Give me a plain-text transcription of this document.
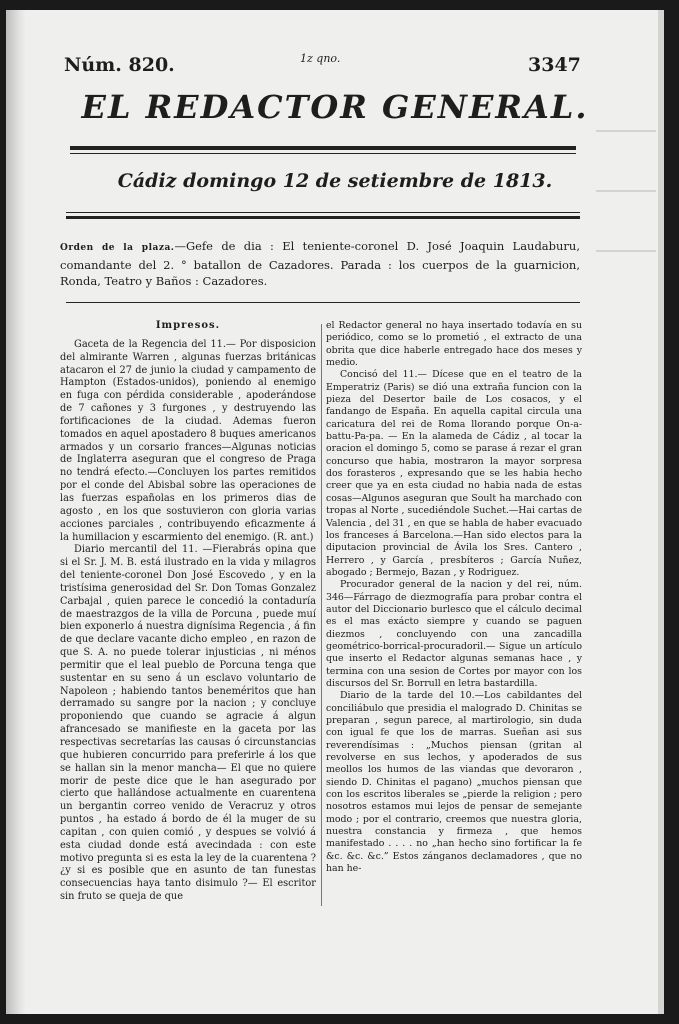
Núm. 820.	1z qno.	3347
EL REDACTOR GENERAL.
Cádiz domingo 12 de setiembre de 1813.
Orden de la plaza.—Gefe de dia : El teniente-coronel D. José Joaquin Laudaburu, comandante del 2. ° batallon de Cazadores. Parada : los cuerpos de la guarnicion, Ronda, Teatro y Baños : Cazadores.
Impresos.

Gaceta de la Regencia del 11.— Por disposicion del almirante Warren , algunas fuerzas británicas atacaron el 27 de junio la ciudad y campamento de Hampton (Estados-unidos), poniendo al enemigo en fuga con pérdida considerable , apoderándose de 7 cañones y 3 furgones , y destruyendo las fortificaciones de la ciudad. Ademas fueron tomados en aquel apostadero 8 buques americanos armados y un corsario frances—Algunas noticias de Inglaterra aseguran que el congreso de Praga no tendrá efecto.—Concluyen los partes remitidos por el conde del Abisbal sobre las operaciones de las fuerzas españolas en los primeros dias de agosto , en los que sostuvieron con gloria varias acciones parciales , contribuyendo eficazmente á la humillacion y escarmiento del enemigo. (R. ant.)

Diario mercantil del 11. —Fierabrás opina que si el Sr. J. M. B. está ilustrado en la vida y milagros del teniente-coronel Don José Escovedo , y en la tristísima generosidad del Sr. Don Tomas Gonzalez Carbajal , quien parece le concedió la contaduría de maestrazgos de la villa de Porcuna , puede muí bien exponerlo á nuestra dignísima Regencia , á fin de que declare vacante dicho empleo , en razon de que S. A. no puede tolerar injusticias , ni ménos permitir que el leal pueblo de Porcuna tenga que sustentar en su seno á un esclavo voluntario de Napoleon ; habiendo tantos beneméritos que han derramado su sangre por la nacion ; y concluye proponiendo que cuando se agracie á algun afrancesado se manifieste en la gaceta por las respectivas secretarías las causas ó circunstancias que hubieren concurrido para preferirle á los que se hallan sin la menor mancha— El que no quiere morir de peste dice que le han asegurado por cierto que hallándose actualmente en cuarentena un bergantin correo venido de Veracruz y otros puntos , ha estado á bordo de él la muger de su capitan , con quien comió , y despues se volvió á esta ciudad donde está avecindada : con este motivo pregunta si es esta la ley de la cuarentena ? ¿y si es posible que en asunto de tan funestas consecuencias haya tanto disimulo ?— El escritor sin fruto se queja de que

el Redactor general no haya insertado todavía en su periódico, como se lo prometió , el extracto de una obrita que dice haberle entregado hace dos meses y medio.

Concisó del 11.— Dícese que en el teatro de la Emperatriz (Paris) se dió una extraña funcion con la pieza del Desertor baile de Los cosacos, y el fandango de España. En aquella capital circula una caricatura del rei de Roma llorando porque On-a-battu-Pa-pa. — En la alameda de Cádiz , al tocar la oracion el domingo 5, como se parase á rezar el gran concurso que habia, mostraron la mayor sorpresa dos forasteros , expresando que se les habia hecho creer que ya en esta ciudad no habia nada de estas cosas—Algunos aseguran que Soult ha marchado con tropas al Norte , sucediéndole Suchet.—Hai cartas de Valencia , del 31 , en que se habla de haber evacuado los franceses á Barcelona.—Han sido electos para la diputacion provincial de Ávila los Sres. Cantero , Herrero , y García , presbíteros ; García Nuñez, abogado ; Bermejo, Bazan , y Rodriguez.

Procurador general de la nacion y del rei, núm. 346—Fárrago de diezmografía para probar contra el autor del Diccionario burlesco que el cálculo decimal es el mas exácto siempre y cuando se paguen diezmos , concluyendo con una zancadilla geométrico-borrical-procuradoril.— Sigue un artículo que inserto el Redactor algunas semanas hace , y termina con una sesion de Cortes por mayor con los discursos del Sr. Borrull en letra bastardilla.

Diario de la tarde del 10.—Los cabildantes del conciliábulo que presidia el malogrado D. Chinitas se preparan , segun parece, al martirologio, sin duda con igual fe que los de marras. Sueñan asi sus reverendísimas : „Muchos piensan (gritan al revolverse en sus lechos, y apoderados de sus meollos los humos de las viandas que devoraron , siendo D. Chinitas el pagano) „muchos piensan que con los escritos liberales se „pierde la religion ; pero nosotros estamos mui lejos de pensar de semejante modo ; por el contrario, creemos que nuestra gloria, nuestra constancia y firmeza , que hemos manifestado . . . . no „han hecho sino fortificar la fe &c. &c. &c.” Estos zánganos declamadores , que no han he-
